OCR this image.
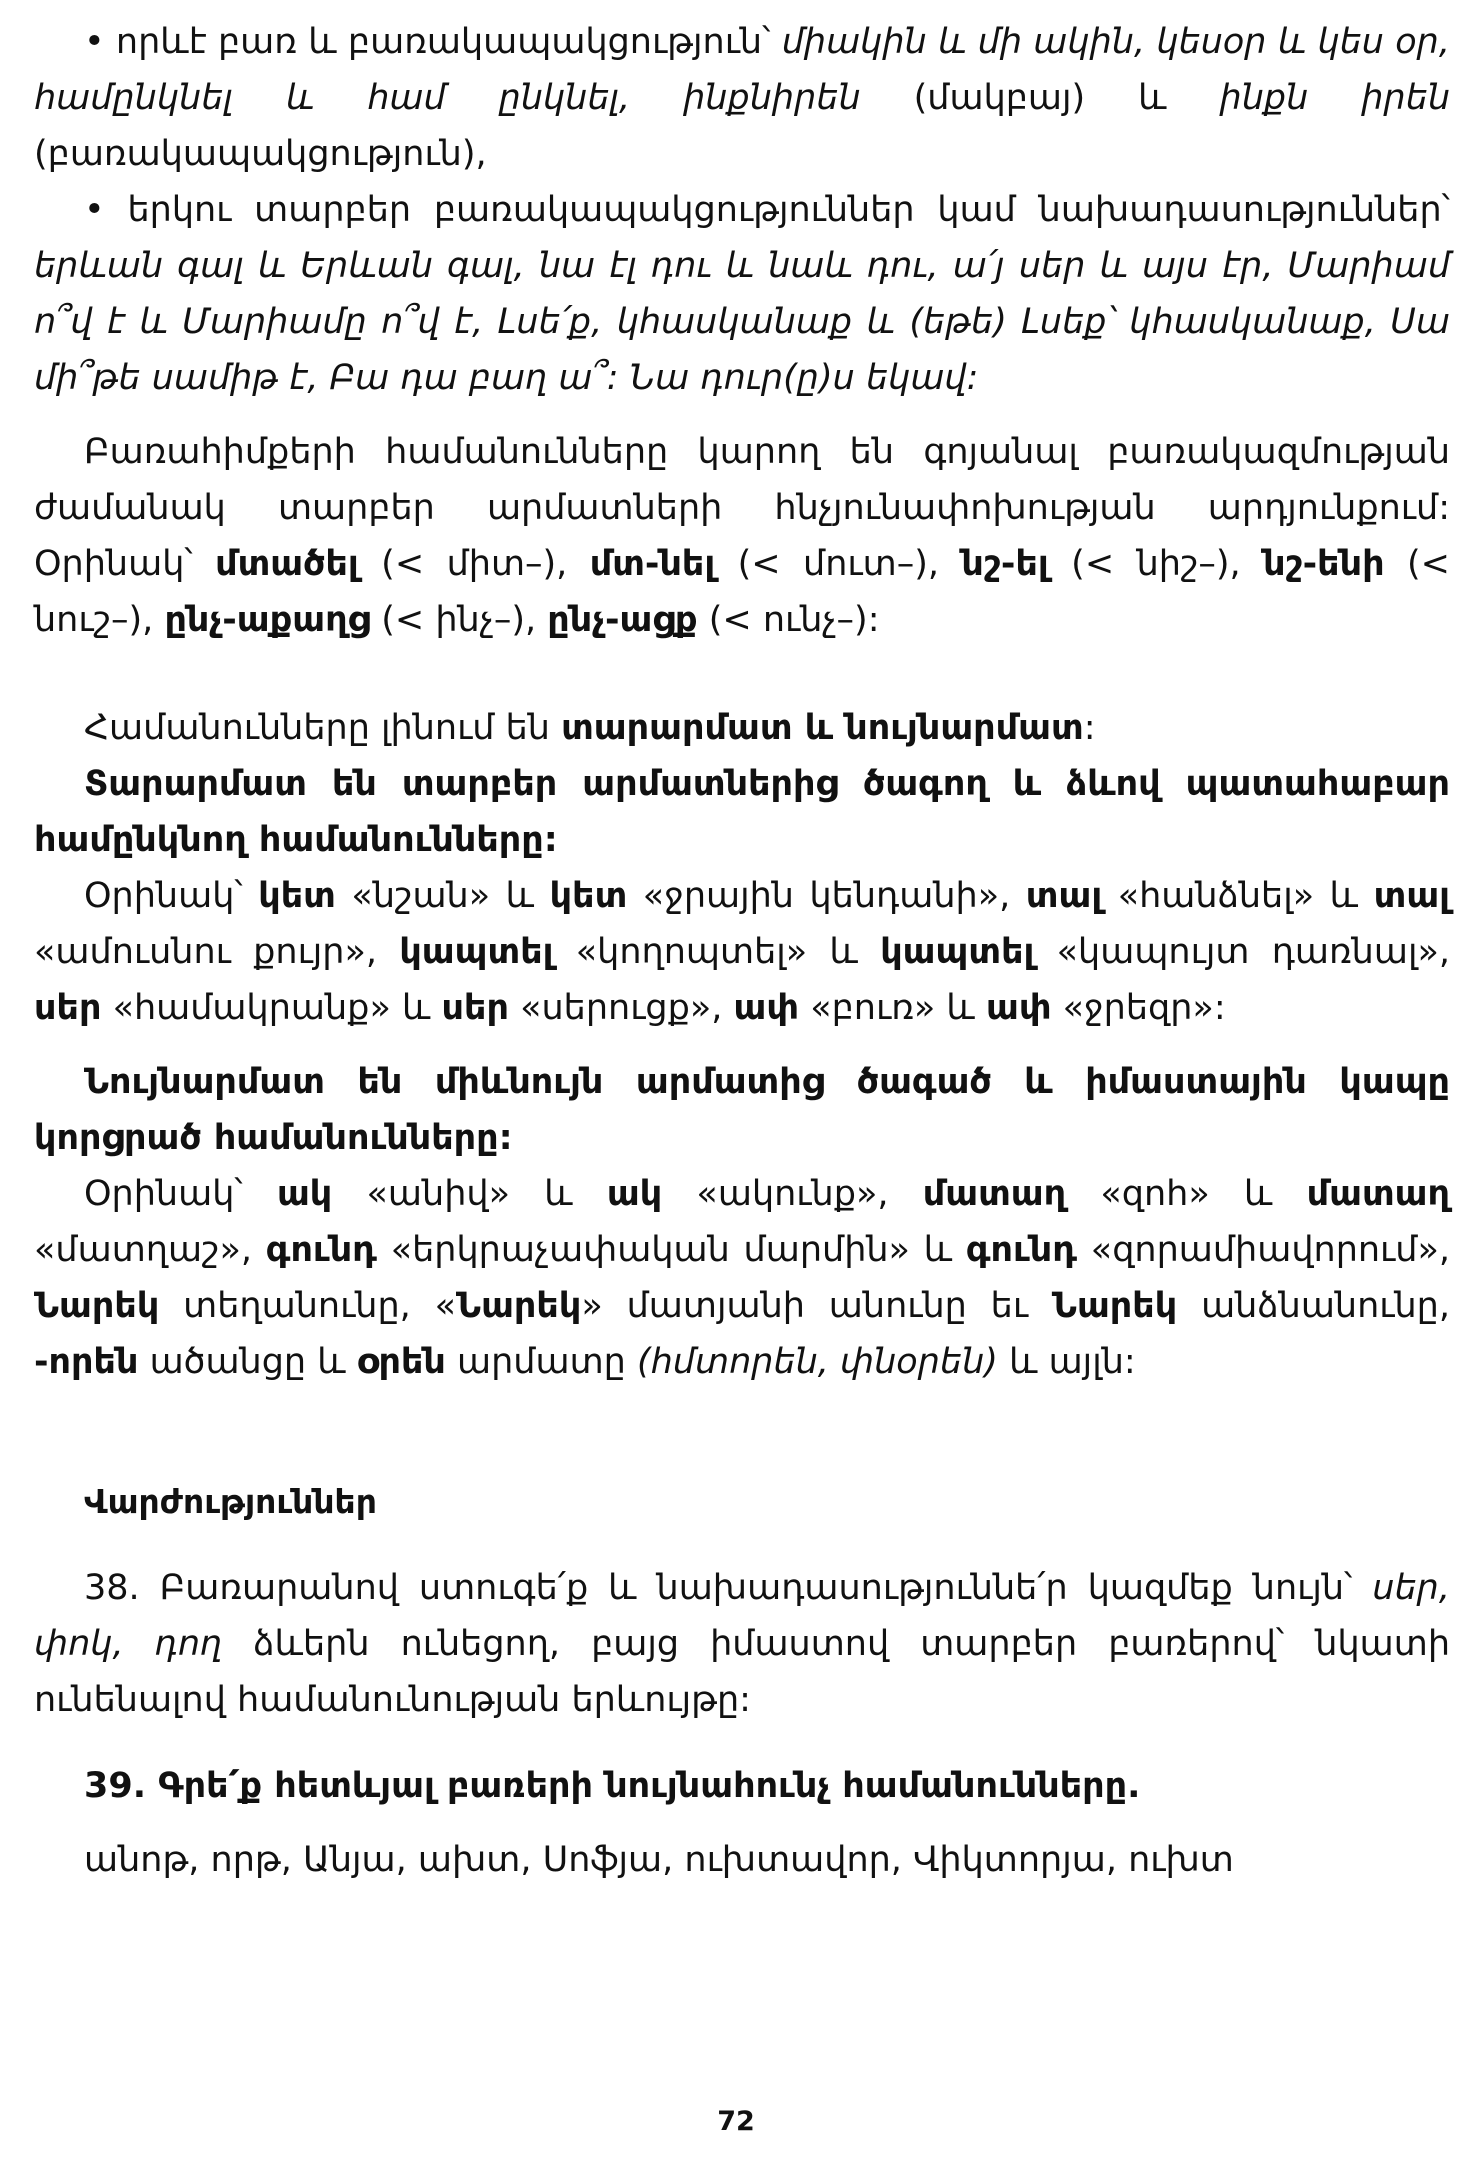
• որևէ բառ և բառակապակցություն՝ միակին և մի ակին, կեսօր և կես օր, համընկնել և համ ընկնել, ինքնիրեն (մակբայ) և ինքն իրեն (բառակապակցություն),

• երկու տարբեր բառակապակցություններ կամ նախադասություններ՝ երևան գալ և Երևան գալ, նա էլ դու և նաև դու, ա՛յ սեր և այս էր, Մարիամ ո՞վ է և Մարիամը ո՞վ է, Լսե՛ք, կհասկանաք և (եթե) Լսեք՝ կհասկանաք, Սա մի՞թե սամիթ է, Բա դա բաղ ա՞: Նա դուր(ը)ս եկավ:

Բառահիմքերի համանունները կարող են գոյանալ բառակազմության ժամանակ տարբեր արմատների հնչյունափոխության արդյունքում: Օրինակ՝ մտածել (< միտ–), մտ-նել (< մուտ–), նշ-ել (< նիշ–), նշ-ենի (< նուշ–), ընչ-աքաղց (< ինչ–), ընչ-ացք (< ունչ–):

Համանունները լինում են տարարմատ և նույնարմատ:

Տարարմատ են տարբեր արմատներից ծագող և ձևով պատահաբար համընկնող համանունները:

Օրինակ՝ կետ «նշան» և կետ «ջրային կենդանի», տալ «հանձնել» և տալ «ամուսնու քույր», կապտել «կողոպտել» և կապտել «կապույտ դառնալ», սեր «համակրանք» և սեր «սերուցք», ափ «բուռ» և ափ «ջրեզր»:

Նույնարմատ են միևնույն արմատից ծագած և իմաստային կապը կորցրած համանունները:

Օրինակ՝ ակ «անիվ» և ակ «ակունք», մատաղ «զոհ» և մատաղ «մատղաշ», գունդ «երկրաչափական մարմին» և գունդ «զորամիավորում», Նարեկ տեղանունը, «Նարեկ» մատյանի անունը եւ Նարեկ անձնանունը, -որեն ածանցը և օրեն արմատը (հմտորեն, փնօրեն) և այլն:

Վարժություններ

38. Բառարանով ստուգե՛ք և նախադասություննե՛ր կազմեք նույն՝ սեր, փոկ, դող ձևերն ունեցող, բայց իմաստով տարբեր բառերով՝ նկատի ունենալով համանունության երևույթը:

39. Գրե՛ք հետևյալ բառերի նույնահունչ համանունները.

անոթ, որթ, Անյա, ախտ, Սոֆյա, ուխտավոր, Վիկտորյա, ուխտ

72
